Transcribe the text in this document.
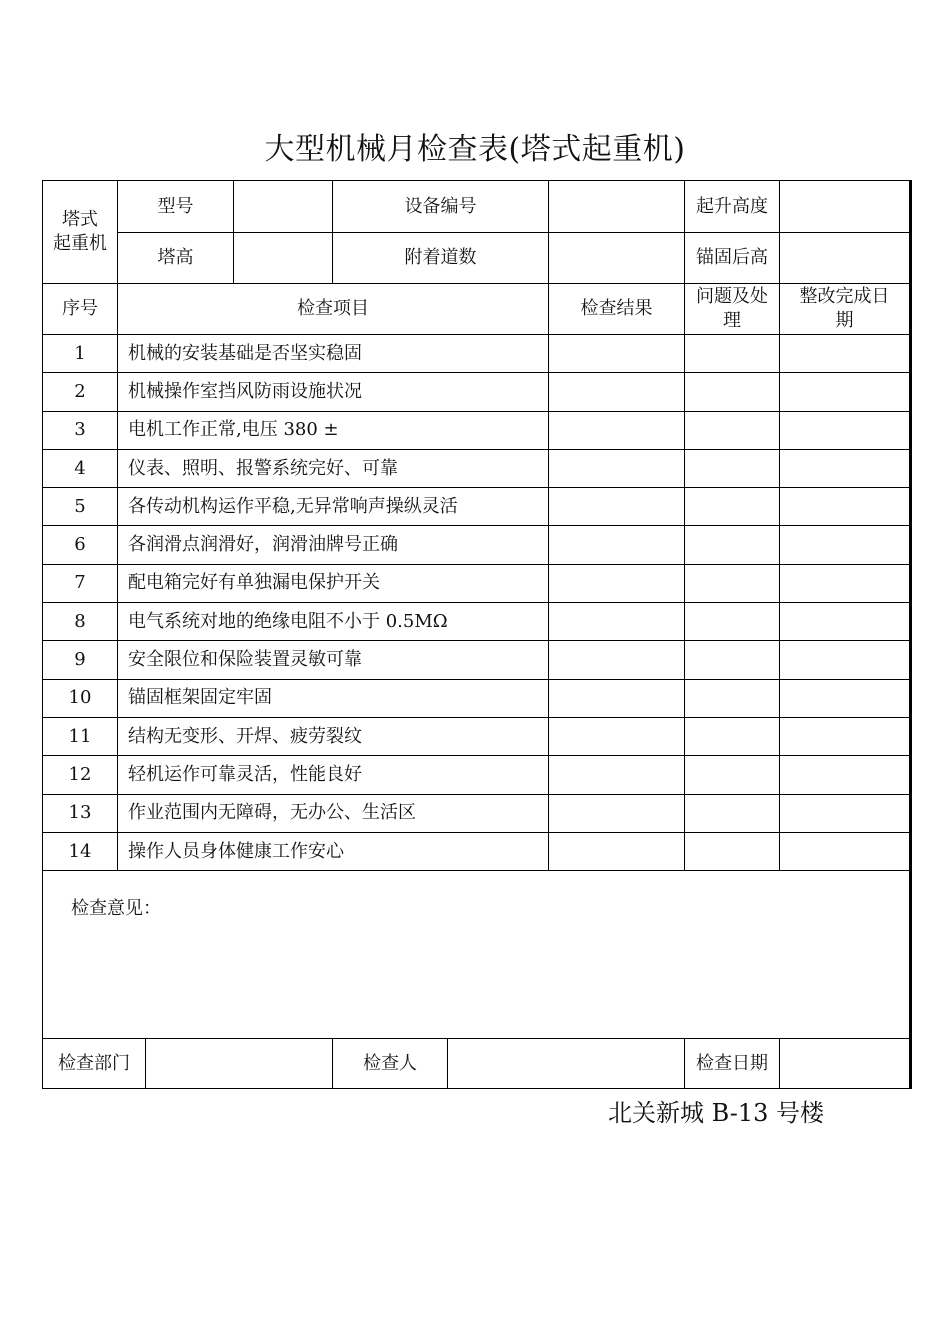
大型机械月检查表(塔式起重机)
塔式
起重机	型号			设备编号			起升高度	
	塔高			附着道数			锚固后高	
序号	检查项目					检查结果	问题及处理	整改完成日
期
1	机械的安装基础是否坚实稳固							
2	机械操作室挡风防雨设施状况							
3	电机工作正常,电压 380 ±							
4	仪表、照明、报警系统完好、可靠							
5	各传动机构运作平稳,无异常响声操纵灵活							
6	各润滑点润滑好，润滑油牌号正确							
7	配电箱完好有单独漏电保护开关							
8	电气系统对地的绝缘电阻不小于 0.5MΩ							
9	安全限位和保险装置灵敏可靠							
10	锚固框架固定牢固							
11	结构无变形、开焊、疲劳裂纹							
12	轻机运作可靠灵活，性能良好							
13	作业范围内无障碍，无办公、生活区							
14	操作人员身体健康工作安心							

检查意见：								

检查部门				检查人			检查日期	
北关新城 B-13 号楼
